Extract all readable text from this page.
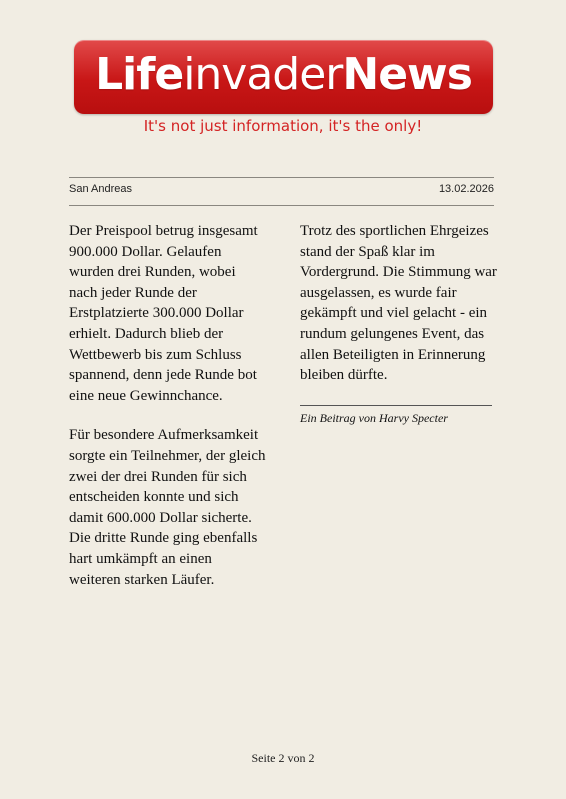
LifeinvaderNews
It's not just information, it's the only!
San Andreas	13.02.2026

Der Preispool betrug insgesamt 900.000 Dollar. Gelaufen wurden drei Runden, wobei nach jeder Runde der Erstplatzierte 300.000 Dollar erhielt. Dadurch blieb der Wettbewerb bis zum Schluss spannend, denn jede Runde bot eine neue Gewinnchance.

Für besondere Aufmerksamkeit sorgte ein Teilnehmer, der gleich zwei der drei Runden für sich entscheiden konnte und sich damit 600.000 Dollar sicherte. Die dritte Runde ging ebenfalls hart umkämpft an einen weiteren starken Läufer.

Trotz des sportlichen Ehrgeizes stand der Spaß klar im Vordergrund. Die Stimmung war ausgelassen, es wurde fair gekämpft und viel gelacht - ein rundum gelungenes Event, das allen Beteiligten in Erinnerung bleiben dürfte.

Ein Beitrag von Harvy Specter
Seite 2 von 2
